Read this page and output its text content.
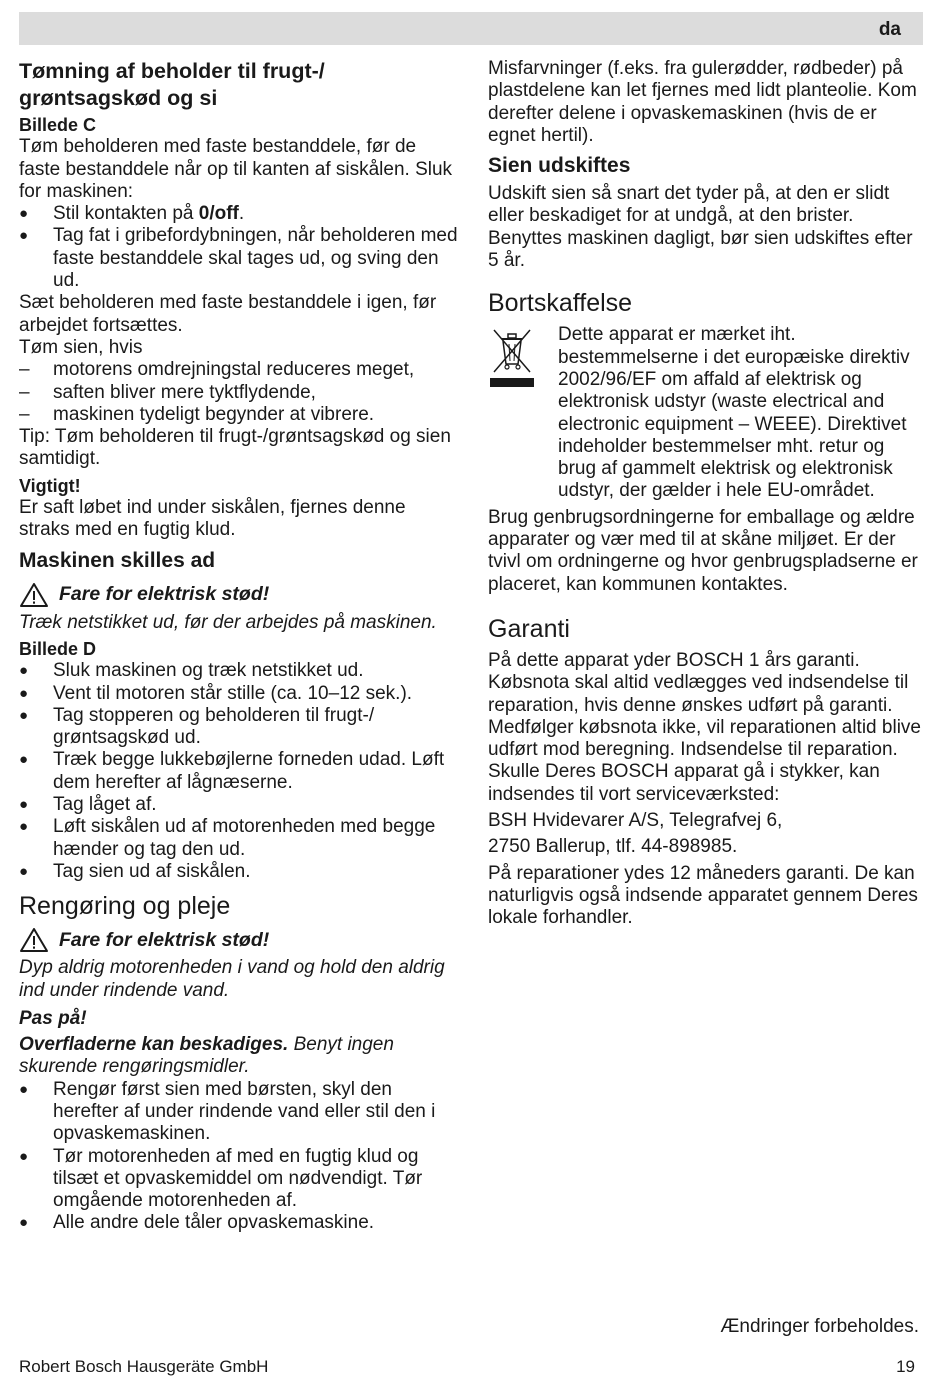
da
Tømning af beholder til frugt-/ grøntsagskød og si

Billede C

Tøm beholderen med faste bestanddele, før de faste bestanddele når op til kanten af siskålen. Sluk for maskinen:

● Stil kontakten på 0/off.
● Tag fat i gribefordybningen, når beholderen med faste bestanddele skal tages ud, og sving den ud.

Sæt beholderen med faste bestanddele i igen, før arbejdet fortsættes.

Tøm sien, hvis

– motorens omdrejningstal reduceres meget,
– saften bliver mere tyktflydende,
– maskinen tydeligt begynder at vibrere.

Tip: Tøm beholderen til frugt-/grøntsagskød og sien samtidigt.

Vigtigt!

Er saft løbet ind under siskålen, fjernes denne straks med en fugtig klud.

Maskinen skilles ad
Fare for elektrisk stød!

Træk netstikket ud, før der arbejdes på maskinen.

Billede D

● Sluk maskinen og træk netstikket ud.
● Vent til motoren står stille (ca. 10–12 sek.).
● Tag stopperen og beholderen til frugt-/ grøntsagskød ud.
● Træk begge lukkebøjlerne forneden udad. Løft dem herefter af lågnæserne.
● Tag låget af.
● Løft siskålen ud af motorenheden med begge hænder og tag den ud.
● Tag sien ud af siskålen.
Rengøring og pleje
Fare for elektrisk stød!

Dyp aldrig motorenheden i vand og hold den aldrig ind under rindende vand.

Pas på!

Overfladerne kan beskadiges. Benyt ingen skurende rengøringsmidler.

● Rengør først sien med børsten, skyl den herefter af under rindende vand eller stil den i opvaskemaskinen.
● Tør motorenheden af med en fugtig klud og tilsæt et opvaskemiddel om nødvendigt. Tør omgående motorenheden af.
● Alle andre dele tåler opvaskemaskine.

Misfarvninger (f.eks. fra gulerødder, rødbeder) på plastdelene kan let fjernes med lidt planteolie. Kom derefter delene i opvaskemaskinen (hvis de er egnet hertil).

Sien udskiftes

Udskift sien så snart det tyder på, at den er slidt eller beskadiget for at undgå, at den brister. Benyttes maskinen dagligt, bør sien udskiftes efter 5 år.

Bortskaffelse

Dette apparat er mærket iht. bestemmelserne i det europæiske direktiv 2002/96/EF om affald af elektrisk og elektronisk udstyr (waste electrical and electronic equipment – WEEE). Direktivet indeholder bestemmelser mht. retur og brug af gammelt elektrisk og elektronisk udstyr, der gælder i hele EU-området.

Brug genbrugsordningerne for emballage og ældre apparater og vær med til at skåne miljøet. Er der tvivl om ordningerne og hvor genbrugspladserne er placeret, kan kommunen kontaktes.

Garanti

På dette apparat yder BOSCH 1 års garanti.

Købsnota skal altid vedlægges ved indsendelse til reparation, hvis denne ønskes udført på garanti. Medfølger købsnota ikke, vil reparationen altid blive udført mod beregning. Indsendelse til reparation.

Skulle Deres BOSCH apparat gå i stykker, kan indsendes til vort serviceværksted:

BSH Hvidevarer A/S, Telegrafvej 6,

2750 Ballerup, tlf. 44-898985.

På reparationer ydes 12 måneders garanti. De kan naturligvis også indsende apparatet gennem Deres lokale forhandler.

Ændringer forbeholdes.
Robert Bosch Hausgeräte GmbH	19
